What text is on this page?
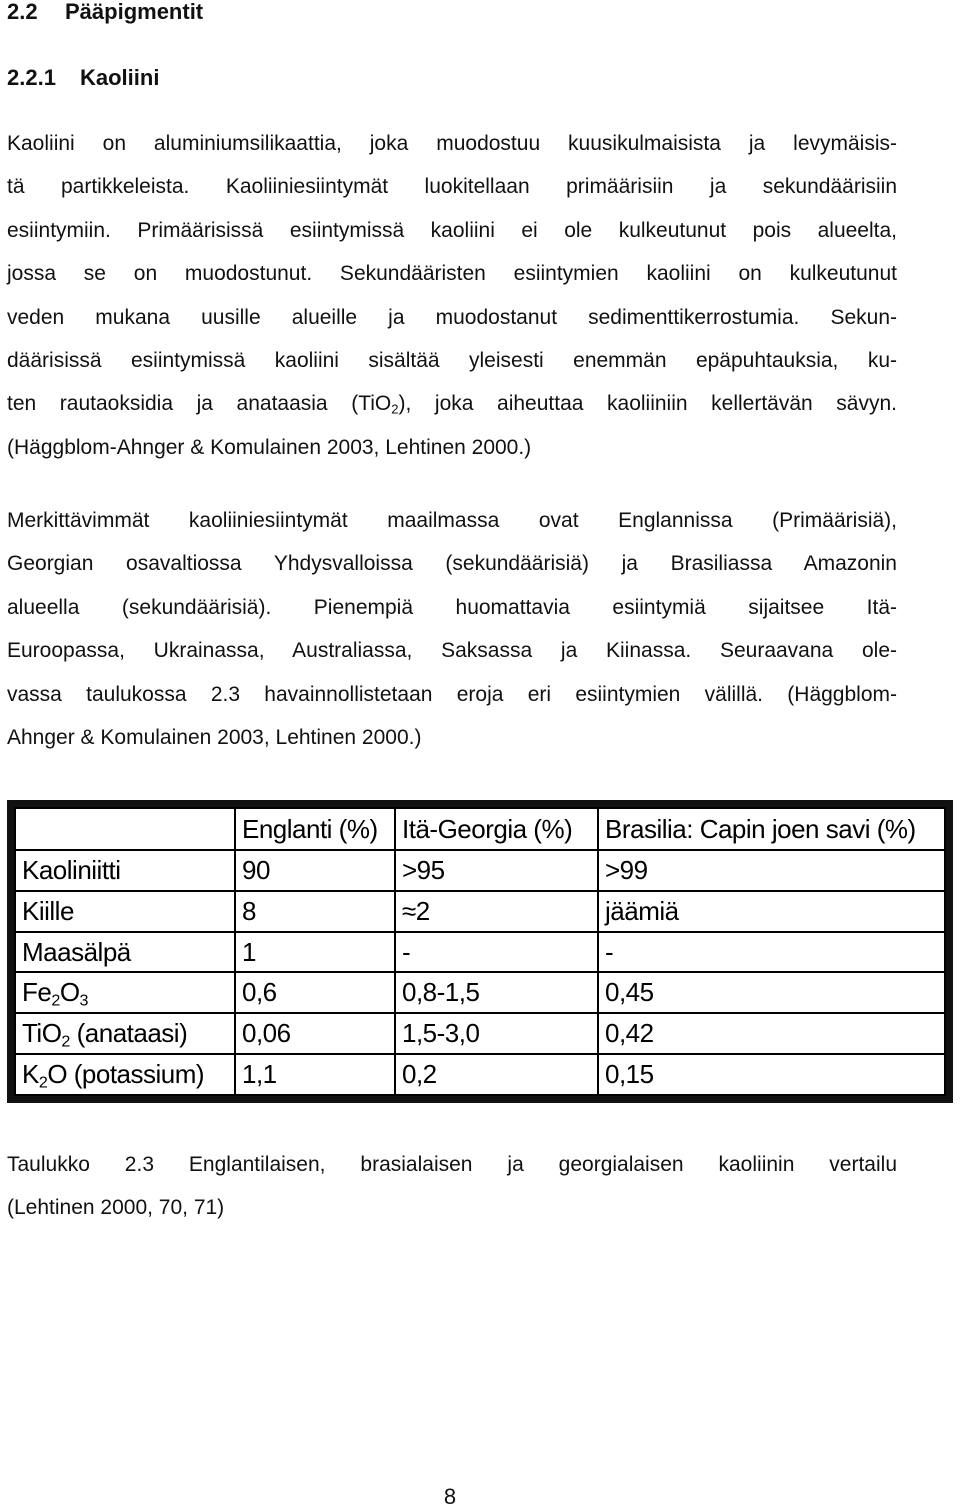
2.2 Pääpigmentit
2.2.1 Kaoliini
Kaoliini on aluminiumsilikaattia, joka muodostuu kuusikulmaisista ja levymäisis-
tä partikkeleista. Kaoliiniesiintymät luokitellaan primäärisiin ja sekundäärisiin
esiintymiin. Primäärisissä esiintymissä kaoliini ei ole kulkeutunut pois alueelta,
jossa se on muodostunut. Sekundääristen esiintymien kaoliini on kulkeutunut
veden mukana uusille alueille ja muodostanut sedimenttikerrostumia. Sekun-
däärisissä esiintymissä kaoliini sisältää yleisesti enemmän epäpuhtauksia, ku-
ten rautaoksidia ja anataasia (TiO$_2$), joka aiheuttaa kaoliiniin kellertävän sävyn.
(Häggblom-Ahnger & Komulainen 2003, Lehtinen 2000.)
Merkittävimmät kaoliiniesiintymät maailmassa ovat Englannissa (Primäärisiä),
Georgian osavaltiossa Yhdysvalloissa (sekundäärisiä) ja Brasiliassa Amazonin
alueella (sekundäärisiä). Pienempiä huomattavia esiintymiä sijaitsee Itä-
Euroopassa, Ukrainassa, Australiassa, Saksassa ja Kiinassa. Seuraavana ole-
vassa taulukossa 2.3 havainnollistetaan eroja eri esiintymien välillä. (Häggblom-
Ahnger & Komulainen 2003, Lehtinen 2000.)
	Englanti (%)	Itä-Georgia (%)	Brasilia: Capin joen savi (%)
Kaoliniitti	90	>95	>99
Kiille	8	≈2	jäämiä
Maasälpä	1	-	-
$Fe_2O_3$	0,6	0,8-1,5	0,45
TiO$_2$ (anataasi)	0,06	1,5-3,0	0,42
$K_2O$ (potassium)	1,1	0,2	0,15
Taulukko 2.3 Englantilaisen, brasialaisen ja georgialaisen kaoliinin vertailu
(Lehtinen 2000, 70, 71)
8
